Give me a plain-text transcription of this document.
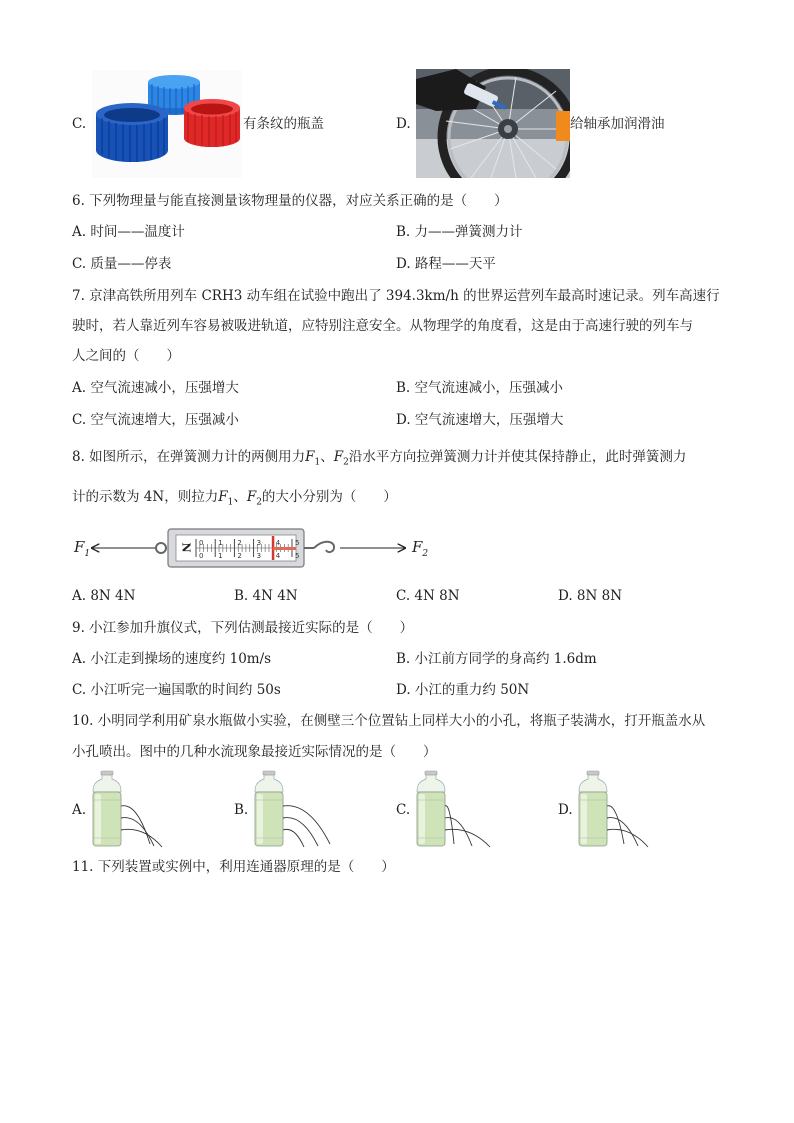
C.	有条纹的瓶盖	D.	给轴承加润滑油
6. 下列物理量与能直接测量该物理量的仪器，对应关系正确的是（　　）
A. 时间——温度计	B. 力——弹簧测力计
C. 质量——停表	D. 路程——天平
7. 京津高铁所用列车 CRH3 动车组在试验中跑出了 394.3km/h 的世界运营列车最高时速记录。列车高速行
驶时，若人靠近列车容易被吸进轨道，应特别注意安全。从物理学的角度看，这是由于高速行驶的列车与
人之间的（　　）
A. 空气流速减小，压强增大	B. 空气流速减小，压强减小
C. 空气流速增大，压强减小	D. 空气流速增大，压强增大
8. 如图所示，在弹簧测力计的两侧用力$F_1$、$F_2$沿水平方向拉弹簧测力计并使其保持静止，此时弹簧测力
计的示数为 4N，则拉力$F_1$、$F_2$的大小分别为（　　）
0
0
1
1
2
2
3
3
4
4
5
5
$F_1$	$F_2$
N
A. 8N 4N	B. 4N 4N	C. 4N 8N	D. 8N 8N
9. 小江参加升旗仪式，下列估测最接近实际的是（　　）
A. 小江走到操场的速度约 10m/s	B. 小江前方同学的身高约 1.6dm
C. 小江听完一遍国歌的时间约 50s	D. 小江的重力约 50N
10. 小明同学利用矿泉水瓶做小实验，在侧壁三个位置钻上同样大小的小孔，将瓶子装满水，打开瓶盖水从
小孔喷出。图中的几种水流现象最接近实际情况的是（　　）
A.	B.	C.	D.
11. 下列装置或实例中，利用连通器原理的是（　　）
